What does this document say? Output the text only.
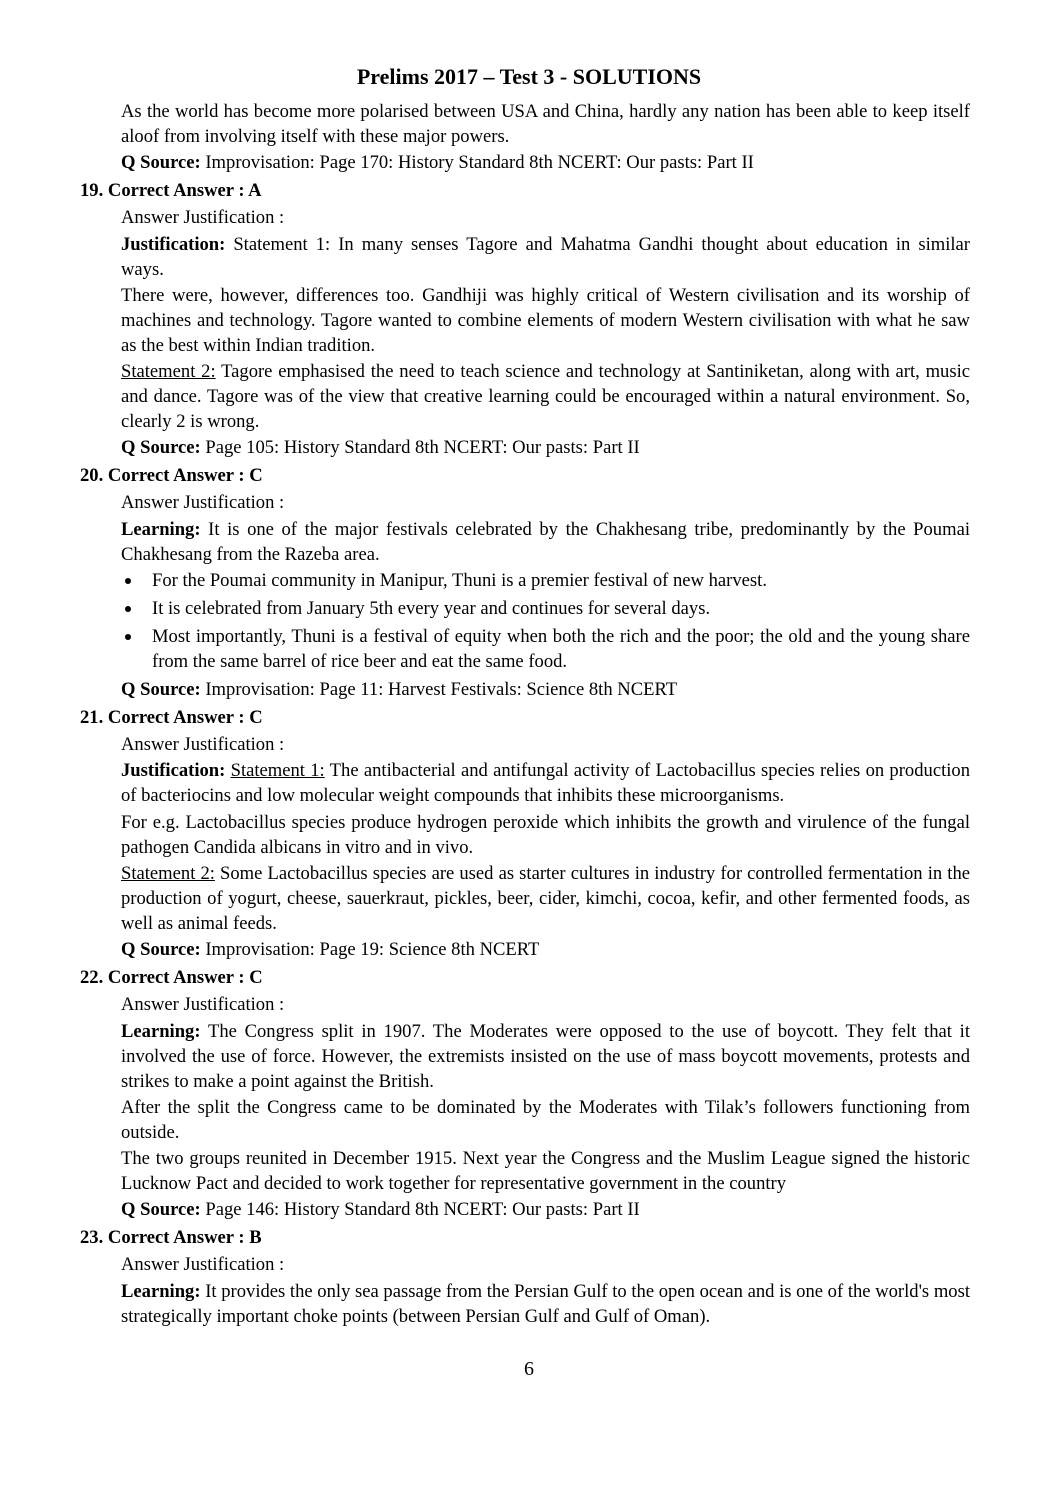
Prelims 2017 – Test 3 - SOLUTIONS
As the world has become more polarised between USA and China, hardly any nation has been able to keep itself aloof from involving itself with these major powers.
Q Source: Improvisation: Page 170: History Standard 8th NCERT: Our pasts: Part II
19. Correct Answer : A
Answer Justification :
Justification: Statement 1: In many senses Tagore and Mahatma Gandhi thought about education in similar ways.
There were, however, differences too. Gandhiji was highly critical of Western civilisation and its worship of machines and technology. Tagore wanted to combine elements of modern Western civilisation with what he saw as the best within Indian tradition.
Statement 2: Tagore emphasised the need to teach science and technology at Santiniketan, along with art, music and dance. Tagore was of the view that creative learning could be encouraged within a natural environment. So, clearly 2 is wrong.
Q Source: Page 105: History Standard 8th NCERT: Our pasts: Part II
20. Correct Answer : C
Answer Justification :
Learning: It is one of the major festivals celebrated by the Chakhesang tribe, predominantly by the Poumai Chakhesang from the Razeba area.
For the Poumai community in Manipur, Thuni is a premier festival of new harvest.
It is celebrated from January 5th every year and continues for several days.
Most importantly, Thuni is a festival of equity when both the rich and the poor; the old and the young share from the same barrel of rice beer and eat the same food.
Q Source: Improvisation: Page 11: Harvest Festivals: Science 8th NCERT
21. Correct Answer : C
Answer Justification :
Justification: Statement 1: The antibacterial and antifungal activity of Lactobacillus species relies on production of bacteriocins and low molecular weight compounds that inhibits these microorganisms.
For e.g. Lactobacillus species produce hydrogen peroxide which inhibits the growth and virulence of the fungal pathogen Candida albicans in vitro and in vivo.
Statement 2: Some Lactobacillus species are used as starter cultures in industry for controlled fermentation in the production of yogurt, cheese, sauerkraut, pickles, beer, cider, kimchi, cocoa, kefir, and other fermented foods, as well as animal feeds.
Q Source: Improvisation: Page 19: Science 8th NCERT
22. Correct Answer : C
Answer Justification :
Learning: The Congress split in 1907. The Moderates were opposed to the use of boycott. They felt that it involved the use of force. However, the extremists insisted on the use of mass boycott movements, protests and strikes to make a point against the British.
After the split the Congress came to be dominated by the Moderates with Tilak’s followers functioning from outside.
The two groups reunited in December 1915. Next year the Congress and the Muslim League signed the historic Lucknow Pact and decided to work together for representative government in the country
Q Source: Page 146: History Standard 8th NCERT: Our pasts: Part II
23. Correct Answer : B
Answer Justification :
Learning: It provides the only sea passage from the Persian Gulf to the open ocean and is one of the world's most strategically important choke points (between Persian Gulf and Gulf of Oman).
6
